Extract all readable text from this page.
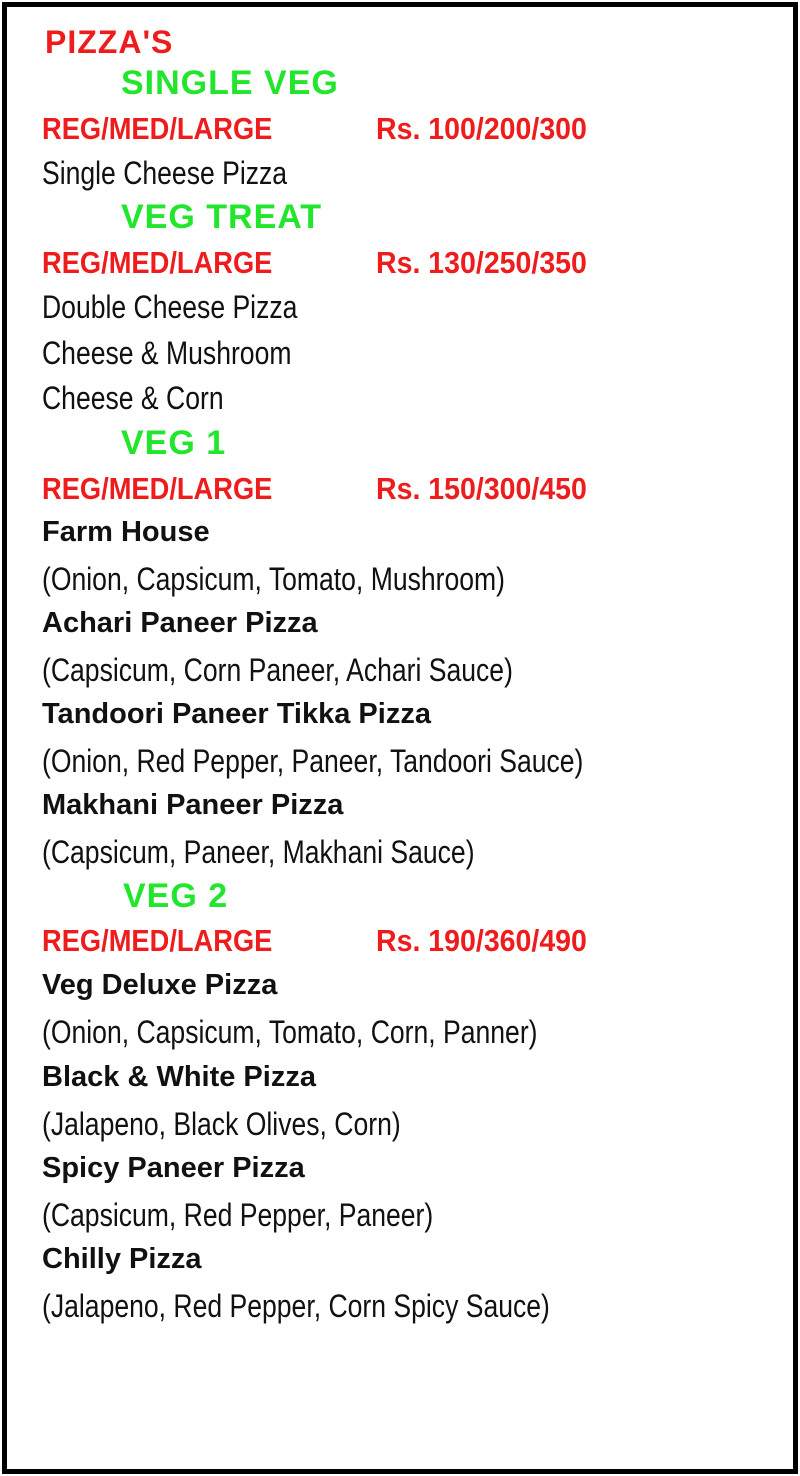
PIZZA'S
SINGLE VEG
REG/MED/LARGE	Rs. 100/200/300
Single Cheese Pizza
VEG TREAT
REG/MED/LARGE	Rs. 130/250/350
Double Cheese Pizza
Cheese & Mushroom
Cheese & Corn
VEG 1
REG/MED/LARGE	Rs. 150/300/450
Farm House
(Onion, Capsicum, Tomato, Mushroom)
Achari Paneer Pizza
(Capsicum, Corn Paneer, Achari Sauce)
Tandoori Paneer Tikka Pizza
(Onion, Red Pepper, Paneer, Tandoori Sauce)
Makhani Paneer Pizza
(Capsicum, Paneer, Makhani Sauce)
VEG 2
REG/MED/LARGE	Rs. 190/360/490
Veg Deluxe Pizza
(Onion, Capsicum, Tomato, Corn, Panner)
Black & White Pizza
(Jalapeno, Black Olives, Corn)
Spicy Paneer Pizza
(Capsicum, Red Pepper, Paneer)
Chilly Pizza
(Jalapeno, Red Pepper, Corn Spicy Sauce)
